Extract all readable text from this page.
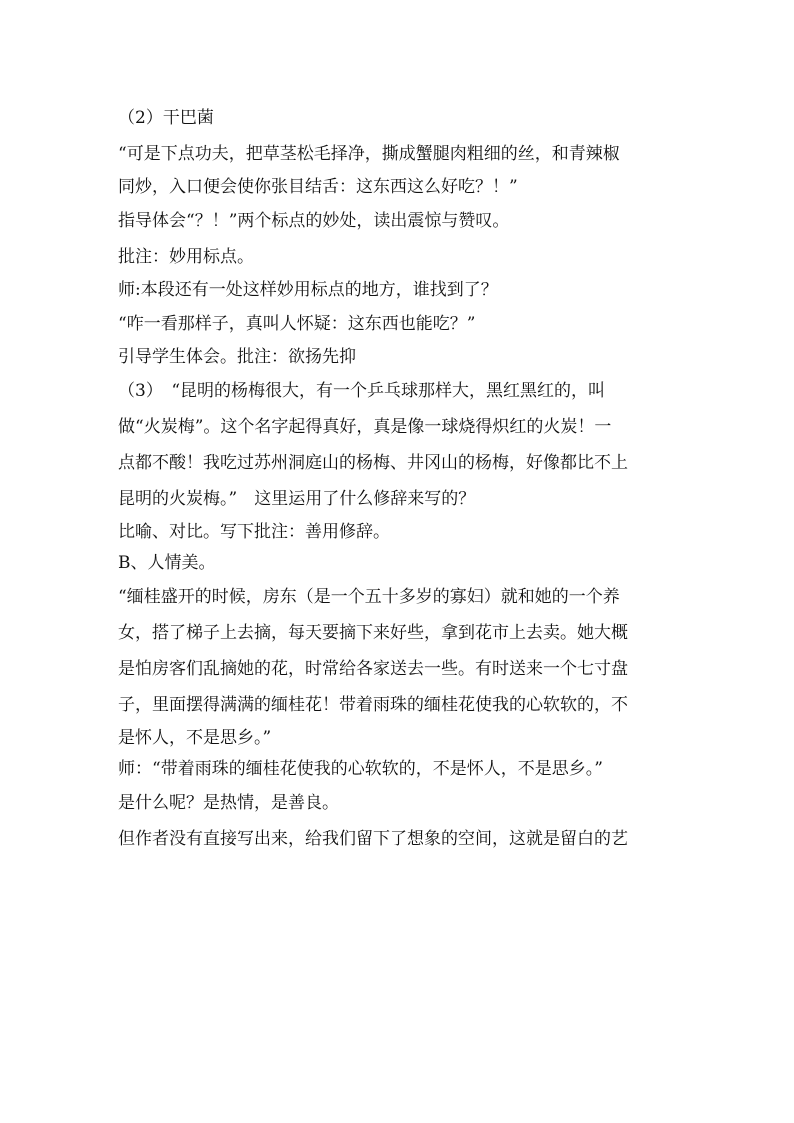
（2）干巴菌
“可是下点功夫，把草茎松毛择净，撕成蟹腿肉粗细的丝，和青辣椒
同炒，入口便会使你张目结舌：这东西这么好吃？！”
指导体会“？！”两个标点的妙处，读出震惊与赞叹。
批注：妙用标点。
师:本段还有一处这样妙用标点的地方，谁找到了？
“咋一看那样子，真叫人怀疑：这东西也能吃？”
引导学生体会。批注：欲扬先抑
（3）　“昆明的杨梅很大，有一个乒乓球那样大，黑红黑红的，叫
做“火炭梅”。这个名字起得真好，真是像一球烧得炽红的火炭！一
点都不酸！我吃过苏州洞庭山的杨梅、井冈山的杨梅，好像都比不上
昆明的火炭梅。”　这里运用了什么修辞来写的？
比喻、对比。写下批注：善用修辞。
B、人情美。
“缅桂盛开的时候，房东（是一个五十多岁的寡妇）就和她的一个养
女，搭了梯子上去摘，每天要摘下来好些，拿到花市上去卖。她大概
是怕房客们乱摘她的花，时常给各家送去一些。有时送来一个七寸盘
子，里面摆得满满的缅桂花！带着雨珠的缅桂花使我的心软软的，不
是怀人，不是思乡。”
师：“带着雨珠的缅桂花使我的心软软的，不是怀人，不是思乡。”
是什么呢？是热情，是善良。
但作者没有直接写出来，给我们留下了想象的空间，这就是留白的艺
